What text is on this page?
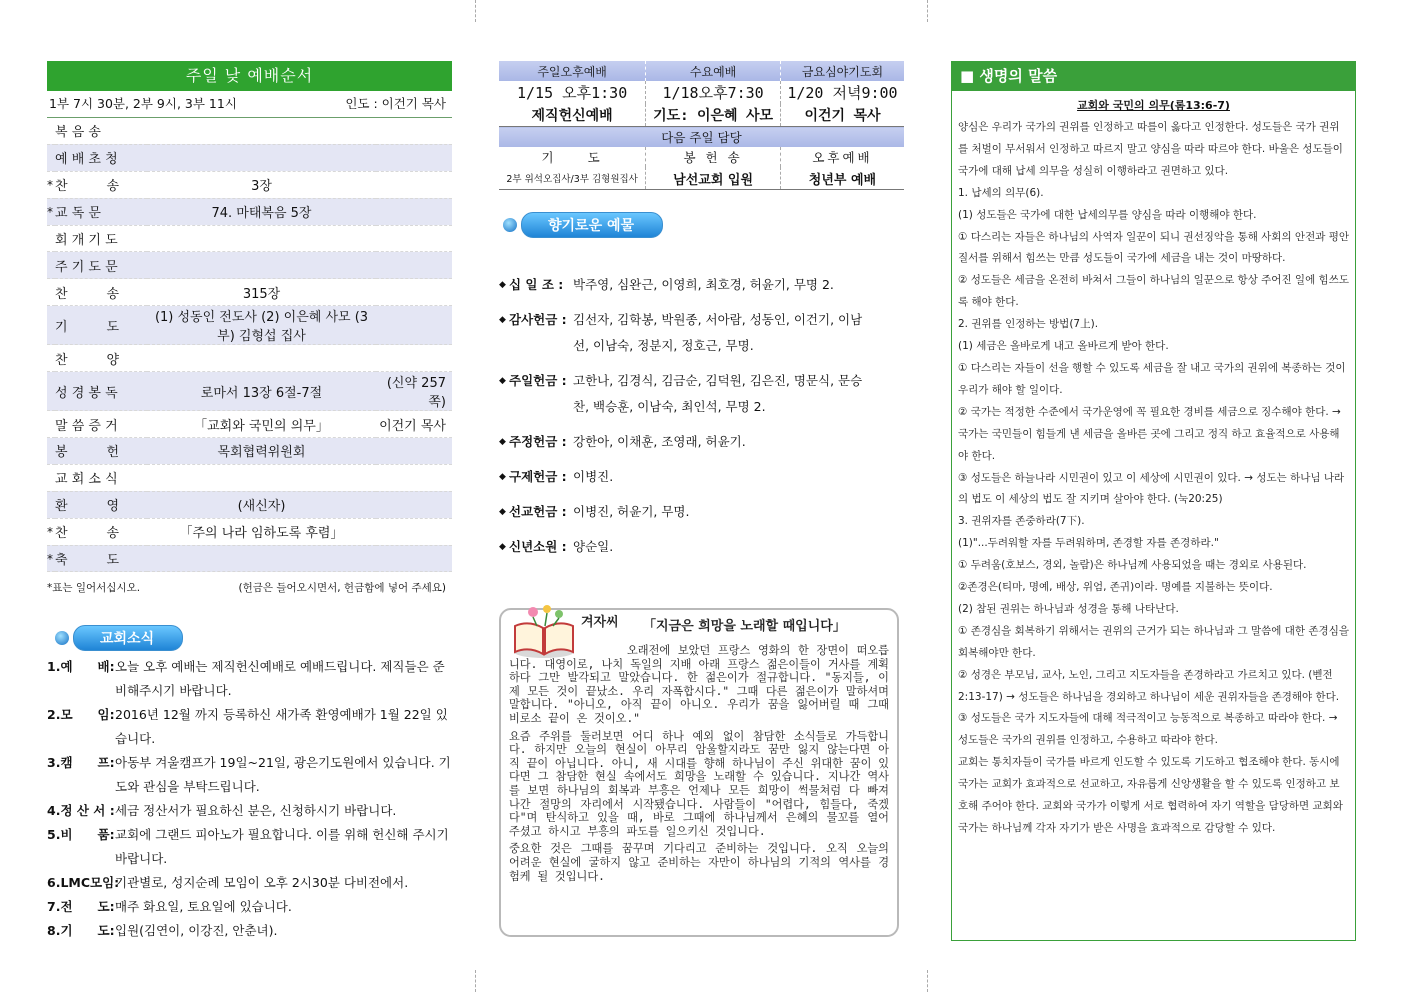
주일 낮 예배순서
1부 7시 30분, 2부 9시, 3부 11시	인도 : 이건기 목사
	복 음 송		
	예 배 초 청		
*	찬　　　송	3장	
*	교 독 문	74. 마태복음 5장	
	회 개 기 도		
	주 기 도 문		
	찬　　　송	315장	
	기　　　도	(1) 성동인 전도사 (2) 이은혜 사모 (3부) 김형섭 집사	
	찬　　　양		
	성 경 봉 독	로마서 13장 6절-7절	(신약 257쪽)
	말 씀 증 거	「교회와 국민의 의무」	이건기 목사
	봉　　　헌	목회협력위원회	
	교 회 소 식		
	환　　　영	(새신자)	
*	찬　　　송	「주의 나라 임하도록 후렴」	
*	축　　　도		
*표는 일어서십시오.	(헌금은 들어오시면서, 헌금함에 넣어 주세요)
교회소식
1.예　　배: 오늘 오후 예배는 제직헌신예배로 예배드립니다. 제직들은 준비해주시기 바랍니다.
2.모　　임: 2016년 12월 까지 등록하신 새가족 환영예배가 1월 22일 있습니다.
3.캠　　프: 아동부 겨울캠프가 19일~21일, 광은기도원에서 있습니다. 기도와 관심을 부탁드립니다.
4.정 산 서 : 세금 정산서가 필요하신 분은, 신청하시기 바랍니다.
5.비　　품: 교회에 그랜드 피아노가 필요합니다. 이를 위해 헌신해 주시기 바랍니다.
6.LMC모임:
기관별로, 성지순례 모임이 오후 2시30분 다비전에서.
7.전　　도: 매주 화요일, 토요일에 있습니다.
8.기　　도: 입원(김연이, 이강진, 안춘녀).
주일오후예배	수요예배	금요심야기도회
1/15 오후1:30	1/18오후7:30	1/20 저녁9:00
제직헌신예배	기도: 이은혜 사모	이건기 목사
다음 주일 담당		
기　　도	봉 헌 송	오후예배
2부 위석오집사/3부 김형원집사	남선교회 입원	청년부 예배
향기로운 예물
◆ 십 일 조 : 박주영, 심완근, 이영희, 최호경, 허윤기, 무명 2.
◆ 감사헌금 : 김선자, 김학봉, 박원종, 서아람, 성동인, 이건기, 이남선, 이남숙, 정분지, 정호근, 무명.
◆ 주일헌금 : 고한나, 김경식, 김금순, 김덕원, 김은진, 명문식, 문승찬, 백승훈, 이남숙, 최인석, 무명 2.
◆ 주정헌금 : 강한아, 이채훈, 조영래, 허윤기.
◆ 구제헌금 : 이병진.
◆ 선교헌금 : 이병진, 허윤기, 무명.
◆ 신년소원 : 양순일.
겨자씨 「지금은 희망을 노래할 때입니다」

오래전에 보았던 프랑스 영화의 한 장면이 떠오릅니다. 대영이로, 나치 독일의 지배 아래 프랑스 젊은이들이 거사를 계획하다 그만 발각되고 말았습니다. 한 젊은이가 절규합니다. "동지들, 이제 모든 것이 끝났소. 우리 자폭합시다." 그때 다른 젊은이가 말하셔며 말합니다. "아니오, 아직 끝이 아니오. 우리가 꿈을 잃어버릴 때 그때 비로소 끝이 온 것이오."

요즘 주위를 둘러보면 어디 하나 예외 없이 참담한 소식들로 가득합니다. 하지만 오늘의 현실이 아무리 암울할지라도 꿈만 잃지 않는다면 아직 끝이 아닙니다. 아니, 새 시대를 향해 하나님이 주신 위대한 꿈이 있다면 그 참담한 현실 속에서도 희망을 노래할 수 있습니다. 지나간 역사를 보면 하나님의 회복과 부흥은 언제나 모든 희망이 썩물쳐럼 다 빠져나간 절망의 자리에서 시작됐습니다. 사람들이 "어렵다, 힘들다, 죽겠다"며 탄식하고 있을 때, 바로 그때에 하나님께서 은혜의 물꼬를 열어 주셨고 하시고 부흥의 파도를 일으키신 것입니다.

중요한 것은 그때를 꿈꾸며 기다리고 준비하는 것입니다. 오직 오늘의 어려운 현실에 굴하지 않고 준비하는 자만이 하나님의 기적의 역사를 경험케 될 것입니다.

■ 생명의 말씀
교회와 국민의 의무(롬13:6-7)

양심은 우리가 국가의 권위를 인정하고 따를이 옳다고 인정한다. 성도들은 국가 권위를 처벌이 무서워서 인정하고 따르지 말고 양심을 따라 따르야 한다. 바울은 성도들이 국가에 대해 납세 의무을 성실히 이행하라고 권면하고 있다.

1. 납세의 의무(6).

(1) 성도들은 국가에 대한 납세의무를 양심을 따라 이행해야 한다.

① 다스리는 자들은 하나님의 사역자 일꾼이 되니 권선징악을 통해 사회의 안전과 평안 질서를 위해서 힘쓰는 만큼 성도들이 국가에 세금을 내는 것이 마땅하다.

② 성도들은 세금을 온전히 바쳐서 그들이 하나님의 일꾼으로 항상 주어진 일에 힘쓰도록 해야 한다.

2. 권위를 인정하는 방법(7上).

(1) 세금은 올바로게 내고 올바르게 받아 한다.

① 다스리는 자들이 선을 행할 수 있도록 세금을 잘 내고 국가의 권위에 복종하는 것이 우리가 해야 할 일이다.

② 국가는 적정한 수준에서 국가운영에 꼭 필요한 경비를 세금으로 징수해야 한다. → 국가는 국민들이 힘들게 낸 세금을 올바른 곳에 그리고 정직 하고 효율적으로 사용해야 한다.

③ 성도들은 하늘나라 시민권이 있고 이 세상에 시민권이 있다. → 성도는 하나님 나라의 법도 이 세상의 법도 잘 지키며 살아야 한다. (눅20:25)

3. 권위자를 존중하라(7下).

(1)"...두려워할 자를 두려워하며, 존경할 자를 존경하라."

① 두려움(호보스, 경외, 놀람)은 하나님께 사용되었을 때는 경외로 사용된다.

②존경은(티마, 명예, 배상, 위엄, 존귀)이라. 명예를 지불하는 뜻이다.

(2) 참된 권위는 하나님과 성경을 통해 나타난다.

① 존경심을 회복하기 위해서는 권위의 근거가 되는 하나님과 그 말씀에 대한 존경심을 회복해야만 한다.

② 성경은 부모님, 교사, 노인, 그리고 지도자들을 존경하라고 가르치고 있다. (벧전2:13-17) → 성도들은 하나님을 경외하고 하나님이 세운 권위자들을 존경해야 한다.

③ 성도들은 국가 지도자들에 대해 적극적이고 능동적으로 복종하고 따라야 한다. → 성도들은 국가의 권위를 인정하고, 수용하고 따라야 한다.

교회는 통치자들이 국가를 바르게 인도할 수 있도록 기도하고 협조해야 한다. 동시에 국가는 교회가 효과적으로 선교하고, 자유롭게 신앙생활을 할 수 있도록 인정하고 보호해 주어야 한다. 교회와 국가가 이렇게 서로 협력하여 자기 역할을 담당하면 교회와 국가는 하나님께 각자 자기가 받은 사명을 효과적으로 감당할 수 있다.
